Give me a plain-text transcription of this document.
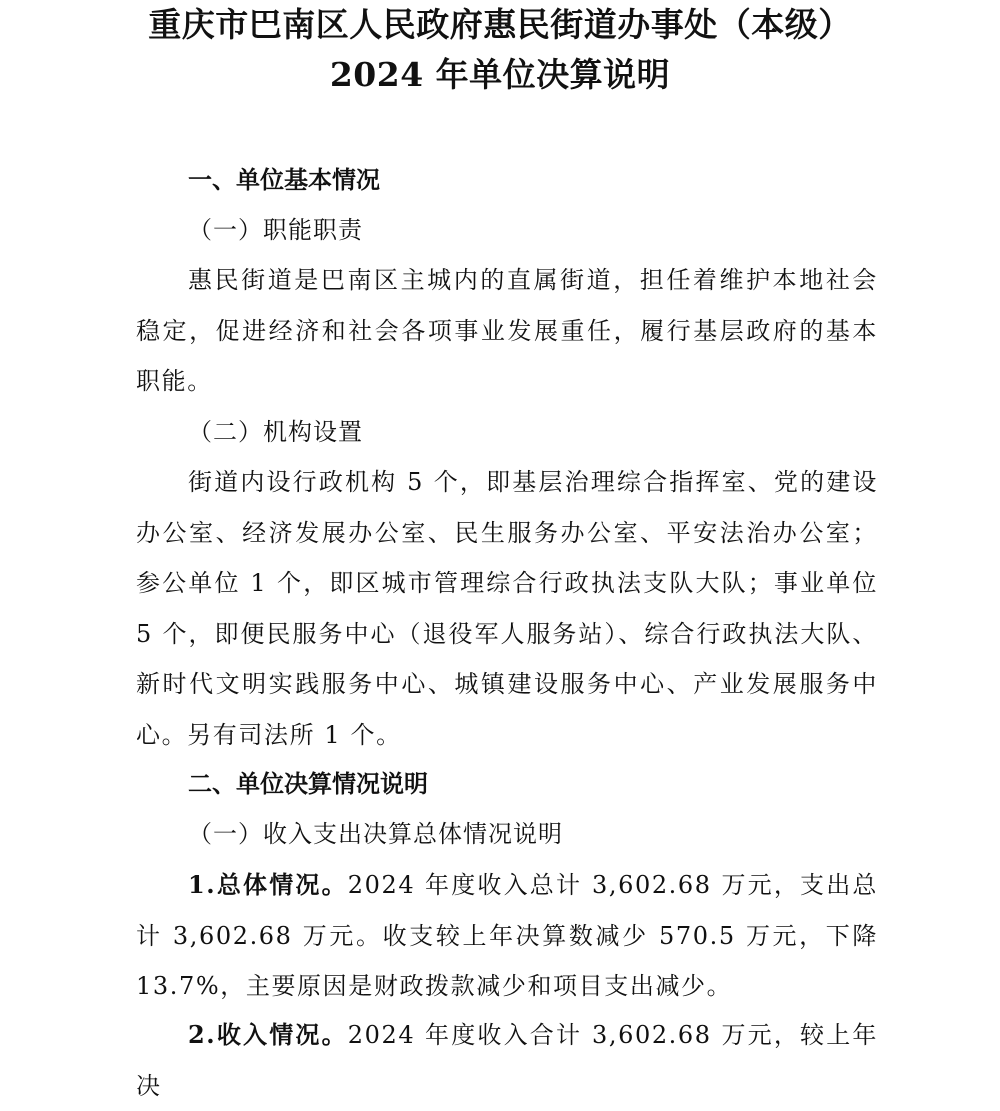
重庆市巴南区人民政府惠民街道办事处（本级）
2024 年单位决算说明
一、单位基本情况
（一）职能职责

惠民街道是巴南区主城内的直属街道，担任着维护本地社会稳定，促进经济和社会各项事业发展重任，履行基层政府的基本职能。

（二）机构设置

街道内设行政机构 5 个，即基层治理综合指挥室、党的建设办公室、经济发展办公室、民生服务办公室、平安法治办公室；参公单位 1 个，即区城市管理综合行政执法支队大队；事业单位 5 个，即便民服务中心（退役军人服务站）、综合行政执法大队、新时代文明实践服务中心、城镇建设服务中心、产业发展服务中心。另有司法所 1 个。

二、单位决算情况说明
（一）收入支出决算总体情况说明

1.总体情况。2024 年度收入总计 3,602.68 万元，支出总计 3,602.68 万元。收支较上年决算数减少 570.5 万元，下降 13.7%，主要原因是财政拨款减少和项目支出减少。

2.收入情况。2024 年度收入合计 3,602.68 万元，较上年决
